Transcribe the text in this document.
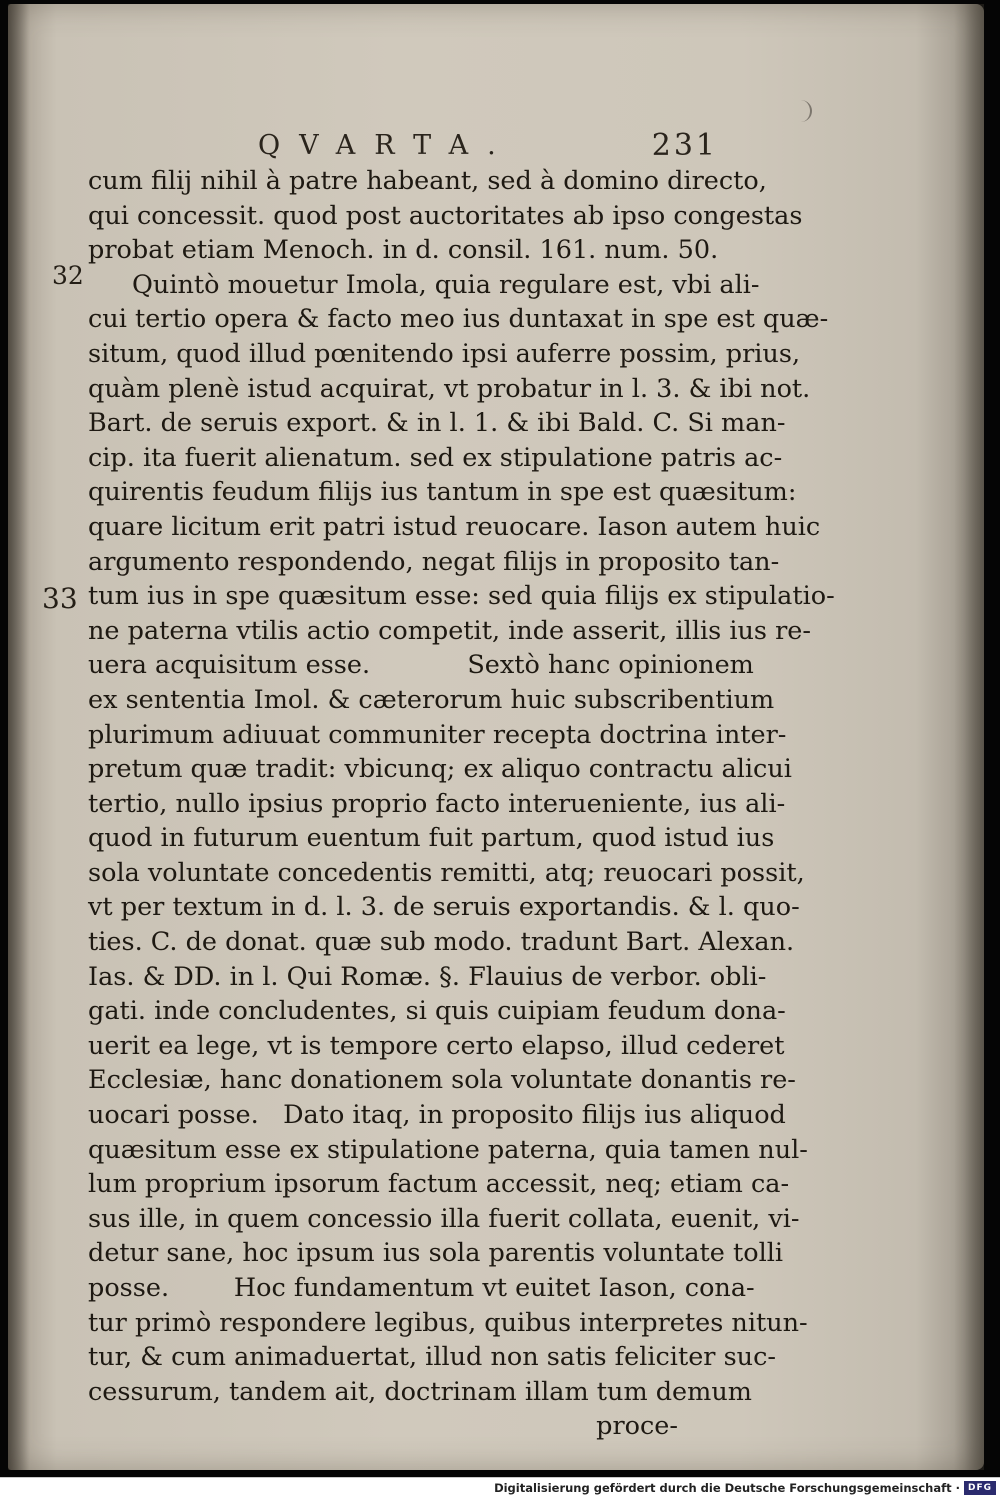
QVARTA.	231
32
33
cum filij nihil à patre habeant, sed à domino directo,
qui concessit. quod post auctoritates ab ipso congestas
probat etiam Menoch. in d. consil. 161. num. 50.
Quintò mouetur Imola, quia regulare est, vbi ali-
cui tertio opera & facto meo ius duntaxat in spe est quæ-
situm, quod illud pœnitendo ipsi auferre possim, prius,
quàm plenè istud acquirat, vt probatur in l. 3. & ibi not.
Bart. de seruis export. & in l. 1. & ibi Bald. C. Si man-
cip. ita fuerit alienatum. sed ex stipulatione patris ac-
quirentis feudum filijs ius tantum in spe est quæsitum:
quare licitum erit patri istud reuocare. Iason autem huic
argumento respondendo, negat filijs in proposito tan-
tum ius in spe quæsitum esse: sed quia filijs ex stipulatio-
ne paterna vtilis actio competit, inde asserit, illis ius re-
uera acquisitum esse.            Sextò hanc opinionem
ex sententia Imol. & cæterorum huic subscribentium
plurimum adiuuat communiter recepta doctrina inter-
pretum quæ tradit: vbicunq; ex aliquo contractu alicui
tertio, nullo ipsius proprio facto interueniente, ius ali-
quod in futurum euentum fuit partum, quod istud ius
sola voluntate concedentis remitti, atq; reuocari possit,
vt per textum in d. l. 3. de seruis exportandis. & l. quo-
ties. C. de donat. quæ sub modo. tradunt Bart. Alexan.
Ias. & DD. in l. Qui Romæ. §. Flauius de verbor. obli-
gati. inde concludentes, si quis cuipiam feudum dona-
uerit ea lege, vt is tempore certo elapso, illud cederet
Ecclesiæ, hanc donationem sola voluntate donantis re-
uocari posse.   Dato itaq, in proposito filijs ius aliquod
quæsitum esse ex stipulatione paterna, quia tamen nul-
lum proprium ipsorum factum accessit, neq; etiam ca-
sus ille, in quem concessio illa fuerit collata, euenit, vi-
detur sane, hoc ipsum ius sola parentis voluntate tolli
posse.        Hoc fundamentum vt euitet Iason, cona-
tur primò respondere legibus, quibus interpretes nitun-
tur, & cum animaduertat, illud non satis feliciter suc-
cessurum, tandem ait, doctrinam illam tum demum
proce-
Digitalisierung gefördert durch die Deutsche Forschungsgemeinschaft · DFG
